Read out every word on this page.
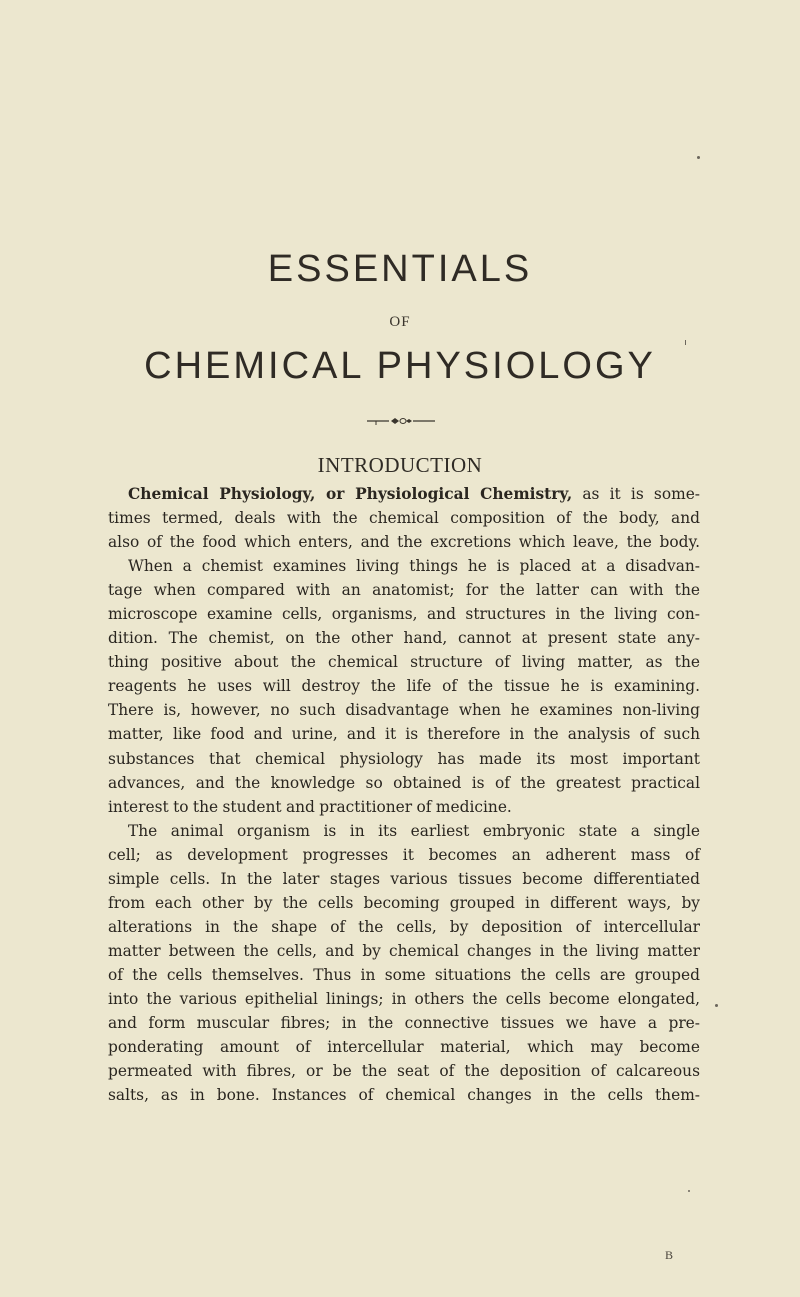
ESSENTIALS
OF
CHEMICAL PHYSIOLOGY
INTRODUCTION
Chemical Physiology, or Physiological Chemistry, as it is some-
times termed, deals with the chemical composition of the body, and
also of the food which enters, and the excretions which leave, the body.
When a chemist examines living things he is placed at a disadvan-
tage when compared with an anatomist; for the latter can with the
microscope examine cells, organisms, and structures in the living con-
dition. The chemist, on the other hand, cannot at present state any-
thing positive about the chemical structure of living matter, as the
reagents he uses will destroy the life of the tissue he is examining.
There is, however, no such disadvantage when he examines non-living
matter, like food and urine, and it is therefore in the analysis of such
substances that chemical physiology has made its most important
advances, and the knowledge so obtained is of the greatest practical
interest to the student and practitioner of medicine.
The animal organism is in its earliest embryonic state a single
cell; as development progresses it becomes an adherent mass of
simple cells. In the later stages various tissues become differentiated
from each other by the cells becoming grouped in different ways, by
alterations in the shape of the cells, by deposition of intercellular
matter between the cells, and by chemical changes in the living matter
of the cells themselves. Thus in some situations the cells are grouped
into the various epithelial linings; in others the cells become elongated,
and form muscular fibres; in the connective tissues we have a pre-
ponderating amount of intercellular material, which may become
permeated with fibres, or be the seat of the deposition of calcareous
salts, as in bone. Instances of chemical changes in the cells them-
B
